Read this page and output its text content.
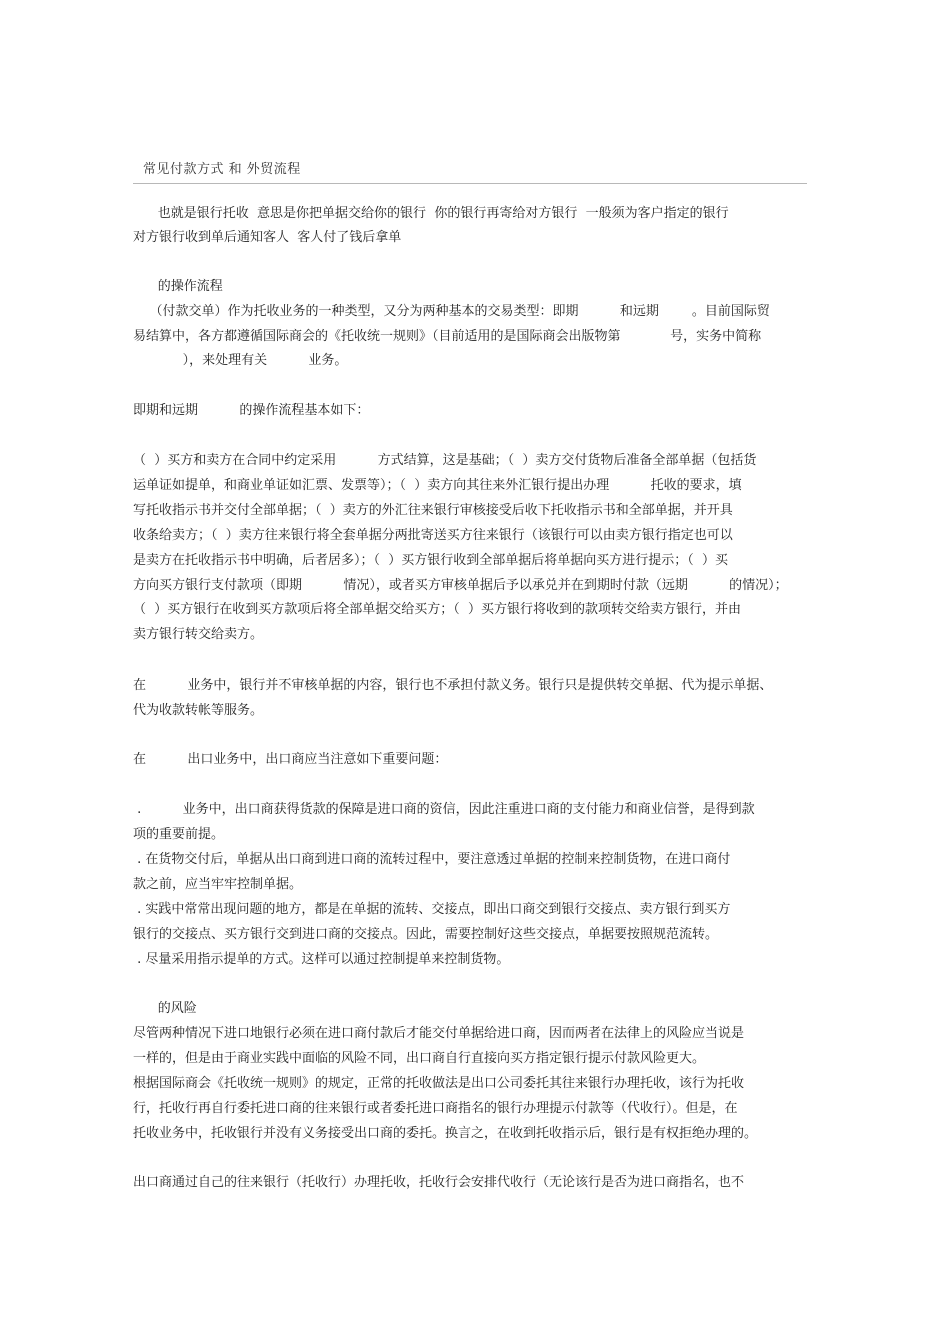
常见付款方式 和 外贸流程
也就是银行托收  意思是你把单据交给你的银行  你的银行再寄给对方银行  一般须为客户指定的银行
对方银行收到单后通知客人  客人付了钱后拿单
的操作流程
（付款交单）作为托收业务的一种类型，又分为两种基本的交易类型：即期          和远期        。目前国际贸
易结算中，各方都遵循国际商会的《托收统一规则》（目前适用的是国际商会出版物第            号，实务中简称
），来处理有关          业务。
即期和远期          的操作流程基本如下：
（  ）买方和卖方在合同中约定采用          方式结算，这是基础；（  ）卖方交付货物后准备全部单据（包括货
运单证如提单，和商业单证如汇票、发票等）；（  ）卖方向其往来外汇银行提出办理          托收的要求，填
写托收指示书并交付全部单据；（  ）卖方的外汇往来银行审核接受后收下托收指示书和全部单据，并开具
收条给卖方；（  ）卖方往来银行将全套单据分两批寄送买方往来银行（该银行可以由卖方银行指定也可以
是卖方在托收指示书中明确，后者居多）；（  ）买方银行收到全部单据后将单据向买方进行提示；（  ）买
方向买方银行支付款项（即期          情况），或者买方审核单据后予以承兑并在到期时付款（远期          的情况）；
（  ）买方银行在收到买方款项后将全部单据交给买方；（  ）买方银行将收到的款项转交给卖方银行，并由
卖方银行转交给卖方。
在          业务中，银行并不审核单据的内容，银行也不承担付款义务。银行只是提供转交单据、代为提示单据、
代为收款转帐等服务。
在          出口业务中，出口商应当注意如下重要问题：
.          业务中，出口商获得货款的保障是进口商的资信，因此注重进口商的支付能力和商业信誉，是得到款
项的重要前提。
. 在货物交付后，单据从出口商到进口商的流转过程中，要注意透过单据的控制来控制货物，在进口商付
款之前，应当牢牢控制单据。
. 实践中常常出现问题的地方，都是在单据的流转、交接点，即出口商交到银行交接点、卖方银行到买方
银行的交接点、买方银行交到进口商的交接点。因此，需要控制好这些交接点，单据要按照规范流转。
. 尽量采用指示提单的方式。这样可以通过控制提单来控制货物。
的风险
尽管两种情况下进口地银行必须在进口商付款后才能交付单据给进口商，因而两者在法律上的风险应当说是
一样的，但是由于商业实践中面临的风险不同，出口商自行直接向买方指定银行提示付款风险更大。
根据国际商会《托收统一规则》的规定，正常的托收做法是出口公司委托其往来银行办理托收，该行为托收
行，托收行再自行委托进口商的往来银行或者委托进口商指名的银行办理提示付款等（代收行）。但是，在
托收业务中，托收银行并没有义务接受出口商的委托。换言之，在收到托收指示后，银行是有权拒绝办理的。
出口商通过自己的往来银行（托收行）办理托收，托收行会安排代收行（无论该行是否为进口商指名，也不
